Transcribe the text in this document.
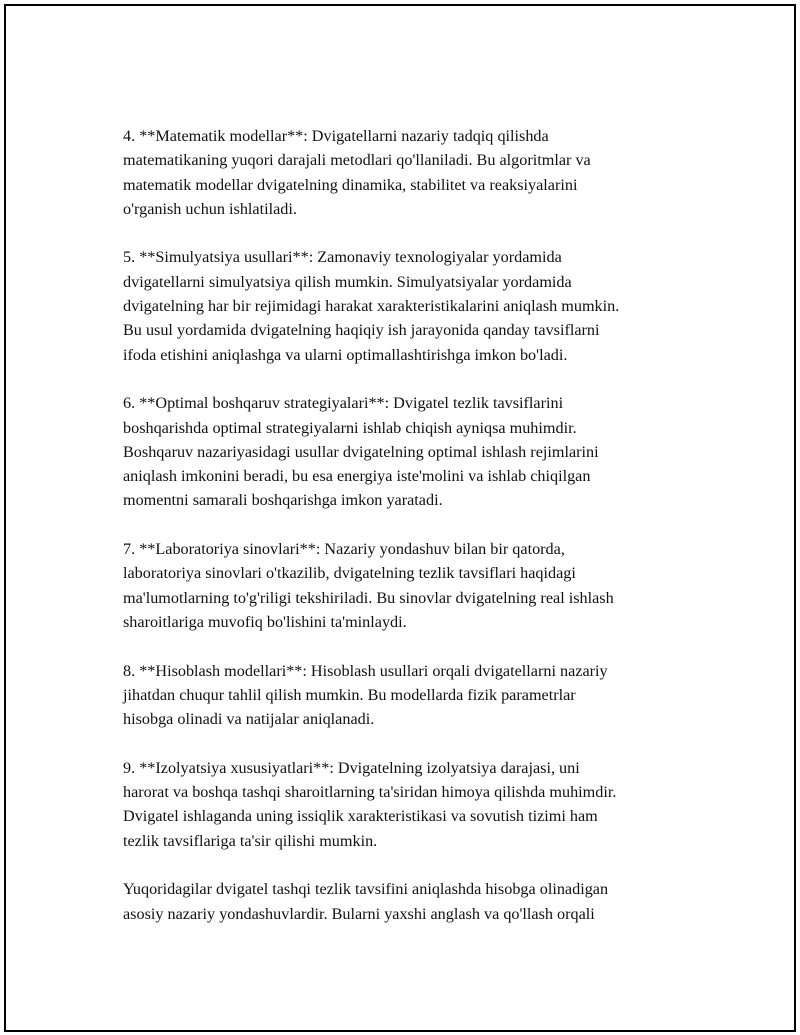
4. **Matematik modellar**: Dvigatellarni nazariy tadqiq qilishda
matematikaning yuqori darajali metodlari qo'llaniladi. Bu algoritmlar va
matematik modellar dvigatelning dinamika, stabilitet va reaksiyalarini
o'rganish uchun ishlatiladi.

5. **Simulyatsiya usullari**: Zamonaviy texnologiyalar yordamida
dvigatellarni simulyatsiya qilish mumkin. Simulyatsiyalar yordamida
dvigatelning har bir rejimidagi harakat xarakteristikalarini aniqlash mumkin.
Bu usul yordamida dvigatelning haqiqiy ish jarayonida qanday tavsiflarni
ifoda etishini aniqlashga va ularni optimallashtirishga imkon bo'ladi.

6. **Optimal boshqaruv strategiyalari**: Dvigatel tezlik tavsiflarini
boshqarishda optimal strategiyalarni ishlab chiqish ayniqsa muhimdir.
Boshqaruv nazariyasidagi usullar dvigatelning optimal ishlash rejimlarini
aniqlash imkonini beradi, bu esa energiya iste'molini va ishlab chiqilgan
momentni samarali boshqarishga imkon yaratadi.

7. **Laboratoriya sinovlari**: Nazariy yondashuv bilan bir qatorda,
laboratoriya sinovlari o'tkazilib, dvigatelning tezlik tavsiflari haqidagi
ma'lumotlarning to'g'riligi tekshiriladi. Bu sinovlar dvigatelning real ishlash
sharoitlariga muvofiq bo'lishini ta'minlaydi.

8. **Hisoblash modellari**: Hisoblash usullari orqali dvigatellarni nazariy
jihatdan chuqur tahlil qilish mumkin. Bu modellarda fizik parametrlar
hisobga olinadi va natijalar aniqlanadi.

9. **Izolyatsiya xususiyatlari**: Dvigatelning izolyatsiya darajasi, uni
harorat va boshqa tashqi sharoitlarning ta'siridan himoya qilishda muhimdir.
Dvigatel ishlaganda uning issiqlik xarakteristikasi va sovutish tizimi ham
tezlik tavsiflariga ta'sir qilishi mumkin.

Yuqoridagilar dvigatel tashqi tezlik tavsifini aniqlashda hisobga olinadigan
asosiy nazariy yondashuvlardir. Bularni yaxshi anglash va qo'llash orqali
